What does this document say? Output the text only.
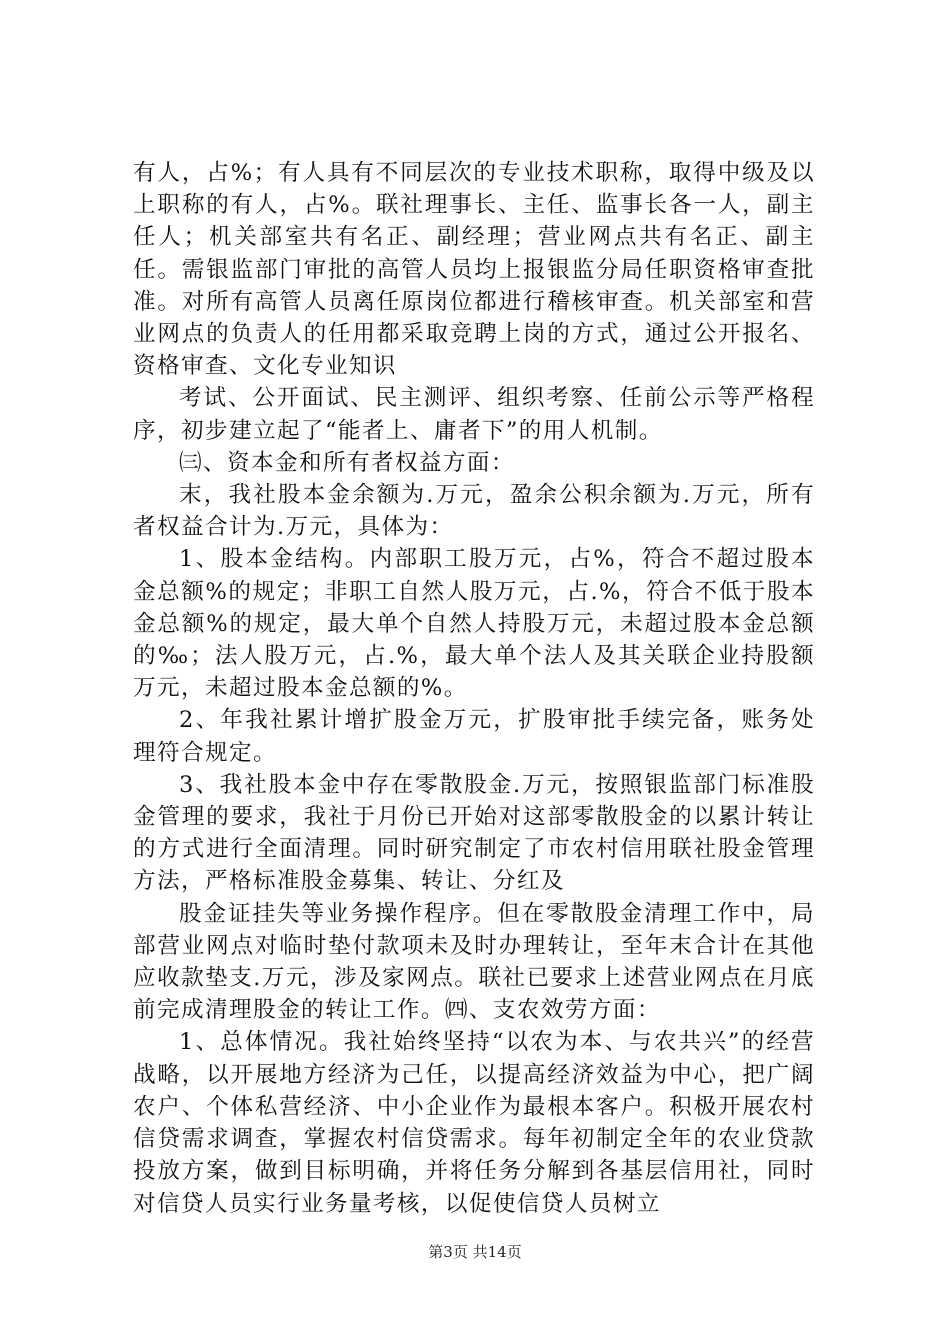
有人，占%；有人具有不同层次的专业技术职称，取得中级及以上职称的有人，占%。联社理事长、主任、监事长各一人，副主任人；机关部室共有名正、副经理；营业网点共有名正、副主任。需银监部门审批的高管人员均上报银监分局任职资格审查批准。对所有高管人员离任原岗位都进行稽核审查。机关部室和营业网点的负责人的任用都采取竞聘上岗的方式，通过公开报名、资格审查、文化专业知识

考试、公开面试、民主测评、组织考察、任前公示等严格程序，初步建立起了“能者上、庸者下”的用人机制。

㈢、资本金和所有者权益方面：

末，我社股本金余额为.万元，盈余公积余额为.万元，所有者权益合计为.万元，具体为：

1、股本金结构。内部职工股万元，占%，符合不超过股本金总额%的规定；非职工自然人股万元，占.%，符合不低于股本金总额%的规定，最大单个自然人持股万元，未超过股本金总额的‰；法人股万元，占.%，最大单个法人及其关联企业持股额万元，未超过股本金总额的%。

2、年我社累计增扩股金万元，扩股审批手续完备，账务处理符合规定。

3、我社股本金中存在零散股金.万元，按照银监部门标准股金管理的要求，我社于月份已开始对这部零散股金的以累计转让的方式进行全面清理。同时研究制定了市农村信用联社股金管理方法，严格标准股金募集、转让、分红及

股金证挂失等业务操作程序。但在零散股金清理工作中，局部营业网点对临时垫付款项未及时办理转让，至年末合计在其他应收款垫支.万元，涉及家网点。联社已要求上述营业网点在月底前完成清理股金的转让工作。㈣、支农效劳方面：

1、总体情况。我社始终坚持“以农为本、与农共兴”的经营战略，以开展地方经济为己任，以提高经济效益为中心，把广阔农户、个体私营经济、中小企业作为最根本客户。积极开展农村信贷需求调查，掌握农村信贷需求。每年初制定全年的农业贷款投放方案，做到目标明确，并将任务分解到各基层信用社，同时对信贷人员实行业务量考核，以促使信贷人员树立

第3页 共14页
